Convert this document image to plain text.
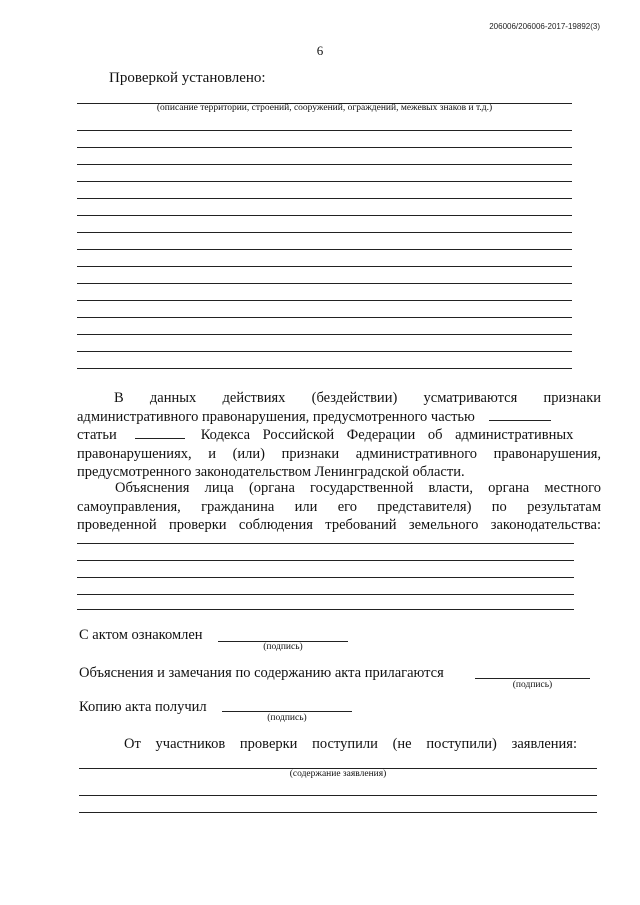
206006/206006-2017-19892(3)
6
Проверкой установлено:
(описание территории, строений, сооружений, ограждений, межевых знаков и т.д.)
В данных действиях (бездействии) усматриваются признаки
административного правонарушения, предусмотренного частью
статьи	Кодекса Российской Федерации об административных
правонарушениях, и (или) признаки административного правонарушения,
предусмотренного законодательством Ленинградской области.
Объяснения лица (органа государственной власти, органа местного
самоуправления, гражданина или его представителя) по результатам
проведенной проверки соблюдения требований земельного законодательства:
С актом ознакомлен
(подпись)
Объяснения и замечания по содержанию акта прилагаются
(подпись)
Копию акта получил
(подпись)
От участников проверки поступили (не поступили) заявления:
(содержание заявления)
